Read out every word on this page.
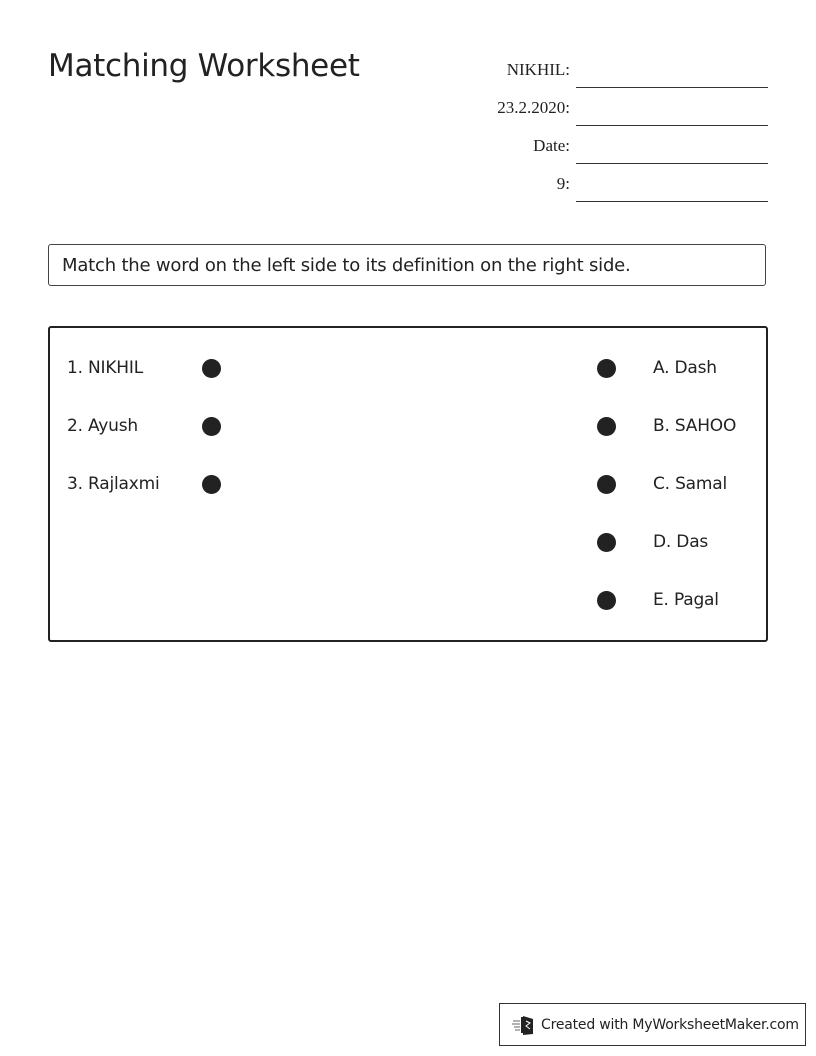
Matching Worksheet	NIKHIL:
23.2.2020:
Date:
9:
Match the word on the left side to its definition on the right side.
1. NIKHIL
2. Ayush
3. Rajlaxmi
A. Dash
B. SAHOO
C. Samal
D. Das
E. Pagal
Created with MyWorksheetMaker.com
